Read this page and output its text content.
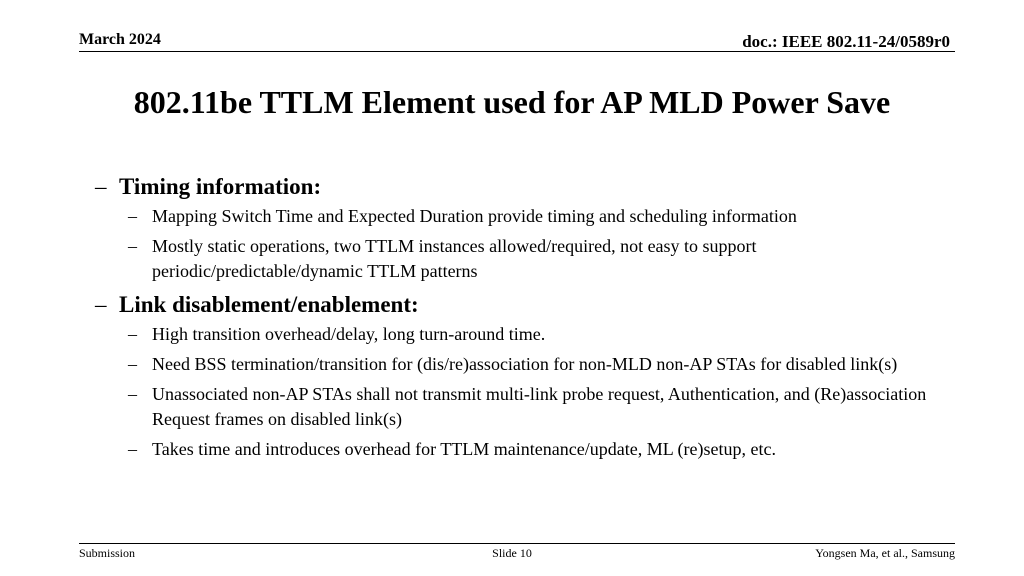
March 2024	doc.: IEEE 802.11-24/0589r0
802.11be TTLM Element used for AP MLD Power Save
– Timing information:
– Mapping Switch Time and Expected Duration provide timing and scheduling information
– Mostly static operations, two TTLM instances allowed/required, not easy to support periodic/predictable/dynamic TTLM patterns
– Link disablement/enablement:
– High transition overhead/delay, long turn-around time.
– Need BSS termination/transition for (dis/re)association for non-MLD non-AP STAs for disabled link(s)
– Unassociated non-AP STAs shall not transmit multi-link probe request, Authentication, and (Re)association Request frames on disabled link(s)
– Takes time and introduces overhead for TTLM maintenance/update, ML (re)setup, etc.
Submission	Slide 10	Yongsen Ma, et al., Samsung
